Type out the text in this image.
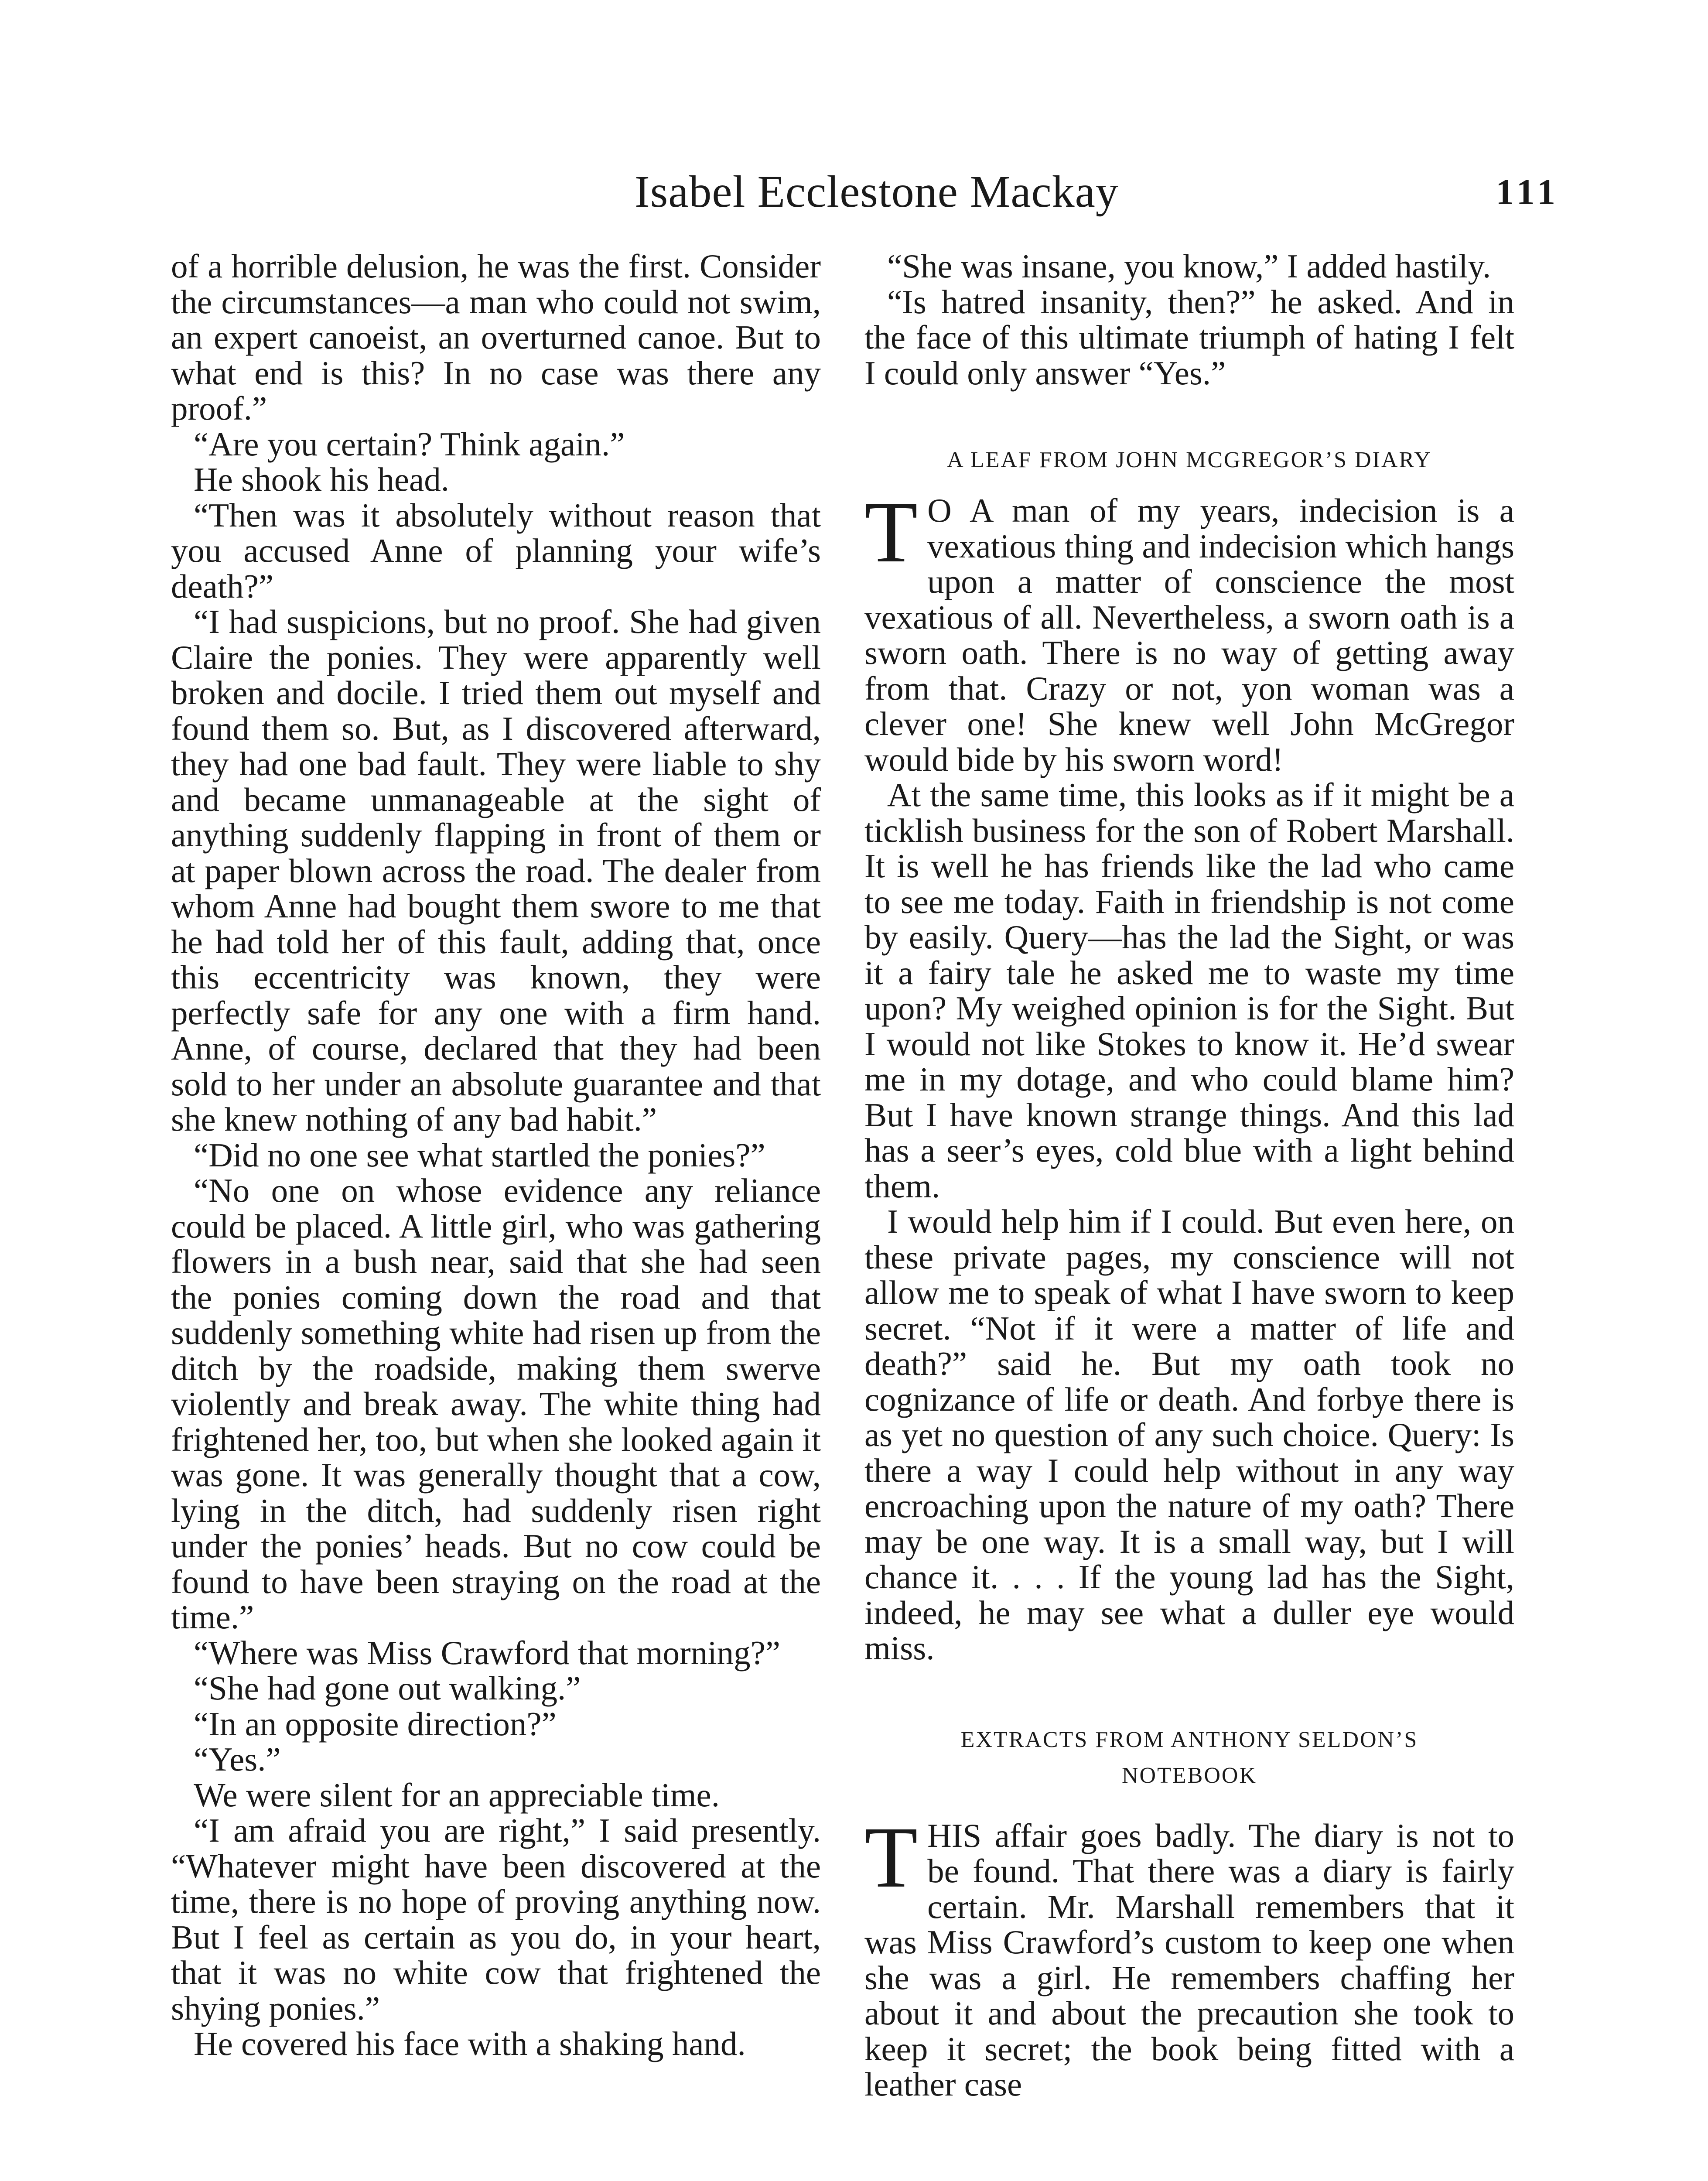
Isabel Ecclestone Mackay	111

of a horrible delusion, he was the first. Consider the circumstances—a man who could not swim, an expert canoeist, an overturned canoe. But to what end is this? In no case was there any proof.”

“Are you certain? Think again.”

He shook his head.

“Then was it absolutely without reason that you accused Anne of planning your wife’s death?”

“I had suspicions, but no proof. She had given Claire the ponies. They were apparently well broken and docile. I tried them out myself and found them so. But, as I discovered afterward, they had one bad fault. They were liable to shy and became unmanageable at the sight of anything suddenly flapping in front of them or at paper blown across the road. The dealer from whom Anne had bought them swore to me that he had told her of this fault, adding that, once this eccentricity was known, they were perfectly safe for any one with a firm hand. Anne, of course, declared that they had been sold to her under an absolute guarantee and that she knew nothing of any bad habit.”

“Did no one see what startled the ponies?”

“No one on whose evidence any reliance could be placed. A little girl, who was gathering flowers in a bush near, said that she had seen the ponies coming down the road and that suddenly something white had risen up from the ditch by the roadside, making them swerve violently and break away. The white thing had frightened her, too, but when she looked again it was gone. It was generally thought that a cow, lying in the ditch, had suddenly risen right under the ponies’ heads. But no cow could be found to have been straying on the road at the time.”

“Where was Miss Crawford that morning?”

“She had gone out walking.”

“In an opposite direction?”

“Yes.”

We were silent for an appreciable time.

“I am afraid you are right,” I said presently. “Whatever might have been discovered at the time, there is no hope of proving anything now. But I feel as certain as you do, in your heart, that it was no white cow that frightened the shying ponies.”

He covered his face with a shaking hand.

“She was insane, you know,” I added hastily.

“Is hatred insanity, then?” he asked. And in the face of this ultimate triumph of hating I felt I could only answer “Yes.”

A LEAF FROM JOHN MCGREGOR’S DIARY

TO A man of my years, indecision is a vexatious thing and indecision which hangs upon a matter of conscience the most vexatious of all. Nevertheless, a sworn oath is a sworn oath. There is no way of getting away from that. Crazy or not, yon woman was a clever one! She knew well John McGregor would bide by his sworn word!

At the same time, this looks as if it might be a ticklish business for the son of Robert Marshall. It is well he has friends like the lad who came to see me today. Faith in friendship is not come by easily. Query—has the lad the Sight, or was it a fairy tale he asked me to waste my time upon? My weighed opinion is for the Sight. But I would not like Stokes to know it. He’d swear me in my dotage, and who could blame him? But I have known strange things. And this lad has a seer’s eyes, cold blue with a light behind them.

I would help him if I could. But even here, on these private pages, my conscience will not allow me to speak of what I have sworn to keep secret. “Not if it were a matter of life and death?” said he. But my oath took no cognizance of life or death. And forbye there is as yet no question of any such choice. Query: Is there a way I could help without in any way encroaching upon the nature of my oath? There may be one way. It is a small way, but I will chance it. . . . If the young lad has the Sight, indeed, he may see what a duller eye would miss.

EXTRACTS FROM ANTHONY SELDON’S
NOTEBOOK

THIS affair goes badly. The diary is not to be found. That there was a diary is fairly certain. Mr. Marshall remembers that it was Miss Crawford’s custom to keep one when she was a girl. He remembers chaffing her about it and about the precaution she took to keep it secret; the book being fitted with a leather case
